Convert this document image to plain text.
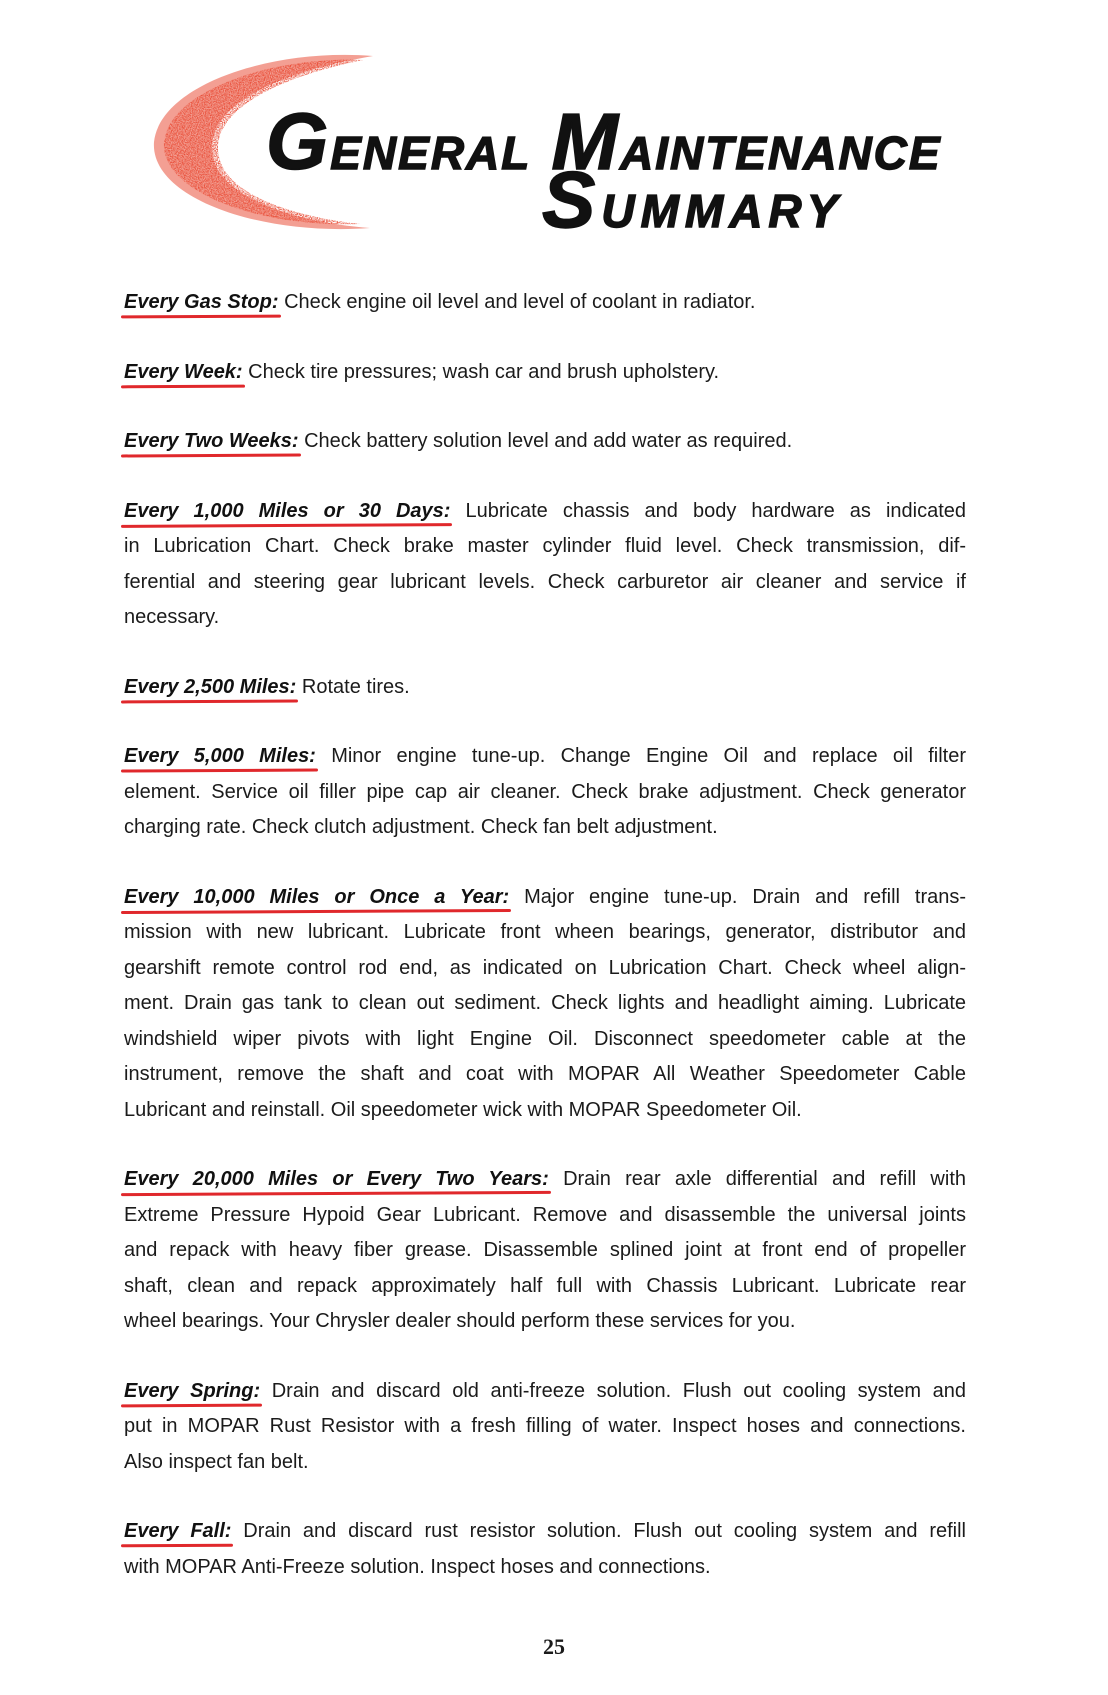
GENERAL MAINTENANCE
SUMMARY
Every Gas Stop: Check engine oil level and level of coolant in radiator.
Every Week: Check tire pressures; wash car and brush upholstery.
Every Two Weeks: Check battery solution level and add water as required.
Every 1,000 Miles or 30 Days: Lubricate chassis and body hardware as indicated
in Lubrication Chart. Check brake master cylinder fluid level. Check transmission, dif-
ferential and steering gear lubricant levels. Check carburetor air cleaner and service if
necessary.
Every 2,500 Miles: Rotate tires.
Every 5,000 Miles: Minor engine tune-up. Change Engine Oil and replace oil filter
element. Service oil filler pipe cap air cleaner. Check brake adjustment. Check generator
charging rate. Check clutch adjustment. Check fan belt adjustment.
Every 10,000 Miles or Once a Year: Major engine tune-up. Drain and refill trans-
mission with new lubricant. Lubricate front wheen bearings, generator, distributor and
gearshift remote control rod end, as indicated on Lubrication Chart. Check wheel align-
ment. Drain gas tank to clean out sediment. Check lights and headlight aiming. Lubricate
windshield wiper pivots with light Engine Oil. Disconnect speedometer cable at the
instrument, remove the shaft and coat with MOPAR All Weather Speedometer Cable
Lubricant and reinstall. Oil speedometer wick with MOPAR Speedometer Oil.
Every 20,000 Miles or Every Two Years: Drain rear axle differential and refill with
Extreme Pressure Hypoid Gear Lubricant. Remove and disassemble the universal joints
and repack with heavy fiber grease. Disassemble splined joint at front end of propeller
shaft, clean and repack approximately half full with Chassis Lubricant. Lubricate rear
wheel bearings. Your Chrysler dealer should perform these services for you.
Every Spring: Drain and discard old anti-freeze solution. Flush out cooling system and
put in MOPAR Rust Resistor with a fresh filling of water. Inspect hoses and connections.
Also inspect fan belt.
Every Fall: Drain and discard rust resistor solution. Flush out cooling system and refill
with MOPAR Anti-Freeze solution. Inspect hoses and connections.
25
